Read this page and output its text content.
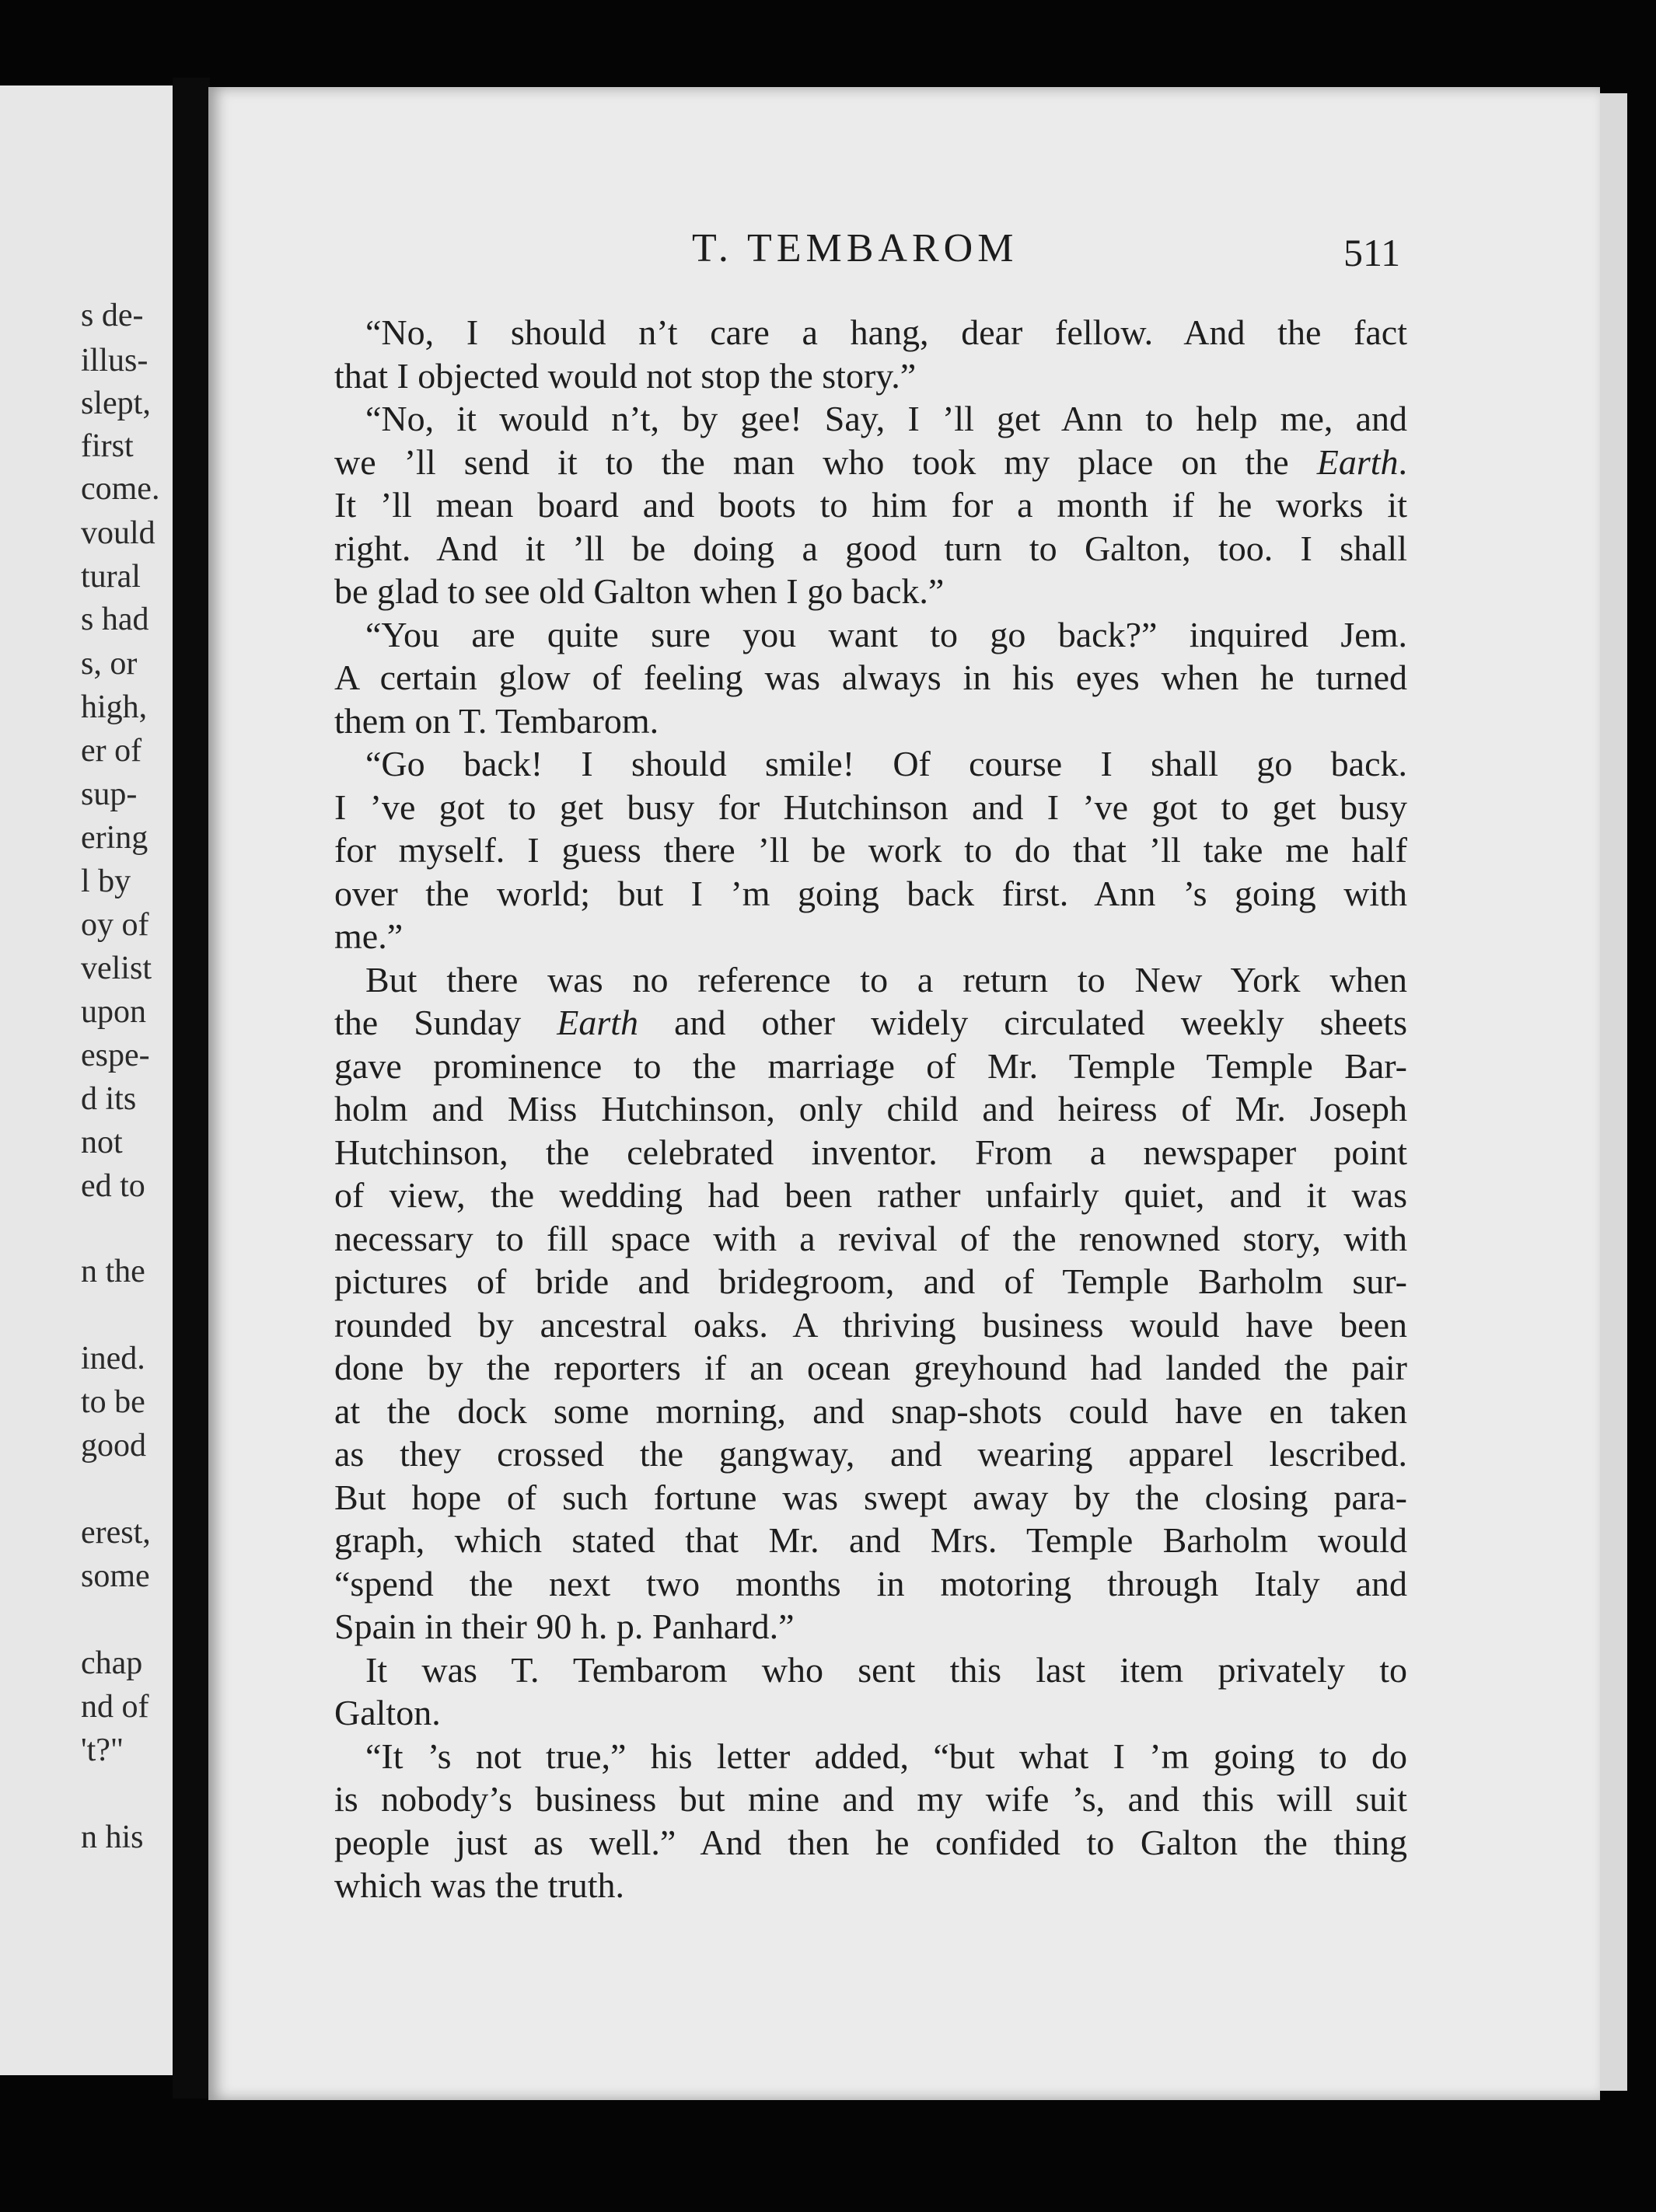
s de-
illus-
slept,
first
come.
vould
tural
s had
s, or
high,
er of
sup-
ering
l by
oy of
velist
upon
espe-
d its
not
ed to
n the
ined.
to be
good
erest,
some
chap
nd of
't?"
n his
T. TEMBAROM	511
“No, I should n’t care a hang, dear fellow. And the fact
that I objected would not stop the story.”
“No, it would n’t, by gee! Say, I ’ll get Ann to help me, and
we ’ll send it to the man who took my place on the Earth.
It ’ll mean board and boots to him for a month if he works it
right. And it ’ll be doing a good turn to Galton, too. I shall
be glad to see old Galton when I go back.”
“You are quite sure you want to go back?” inquired Jem.
A certain glow of feeling was always in his eyes when he turned
them on T. Tembarom.
“Go back! I should smile! Of course I shall go back.
I ’ve got to get busy for Hutchinson and I ’ve got to get busy
for myself. I guess there ’ll be work to do that ’ll take me half
over the world; but I ’m going back first. Ann ’s going with
me.”
But there was no reference to a return to New York when
the Sunday Earth and other widely circulated weekly sheets
gave prominence to the marriage of Mr. Temple Temple Bar-
holm and Miss Hutchinson, only child and heiress of Mr. Joseph
Hutchinson, the celebrated inventor. From a newspaper point
of view, the wedding had been rather unfairly quiet, and it was
necessary to fill space with a revival of the renowned story, with
pictures of bride and bridegroom, and of Temple Barholm sur-
rounded by ancestral oaks. A thriving business would have been
done by the reporters if an ocean greyhound had landed the pair
at the dock some morning, and snap-shots could have en taken
as they crossed the gangway, and wearing apparel lescribed.
But hope of such fortune was swept away by the closing para-
graph, which stated that Mr. and Mrs. Temple Barholm would
“spend the next two months in motoring through Italy and
Spain in their 90 h. p. Panhard.”
It was T. Tembarom who sent this last item privately to
Galton.
“It ’s not true,” his letter added, “but what I ’m going to do
is nobody’s business but mine and my wife ’s, and this will suit
people just as well.” And then he confided to Galton the thing
which was the truth.
